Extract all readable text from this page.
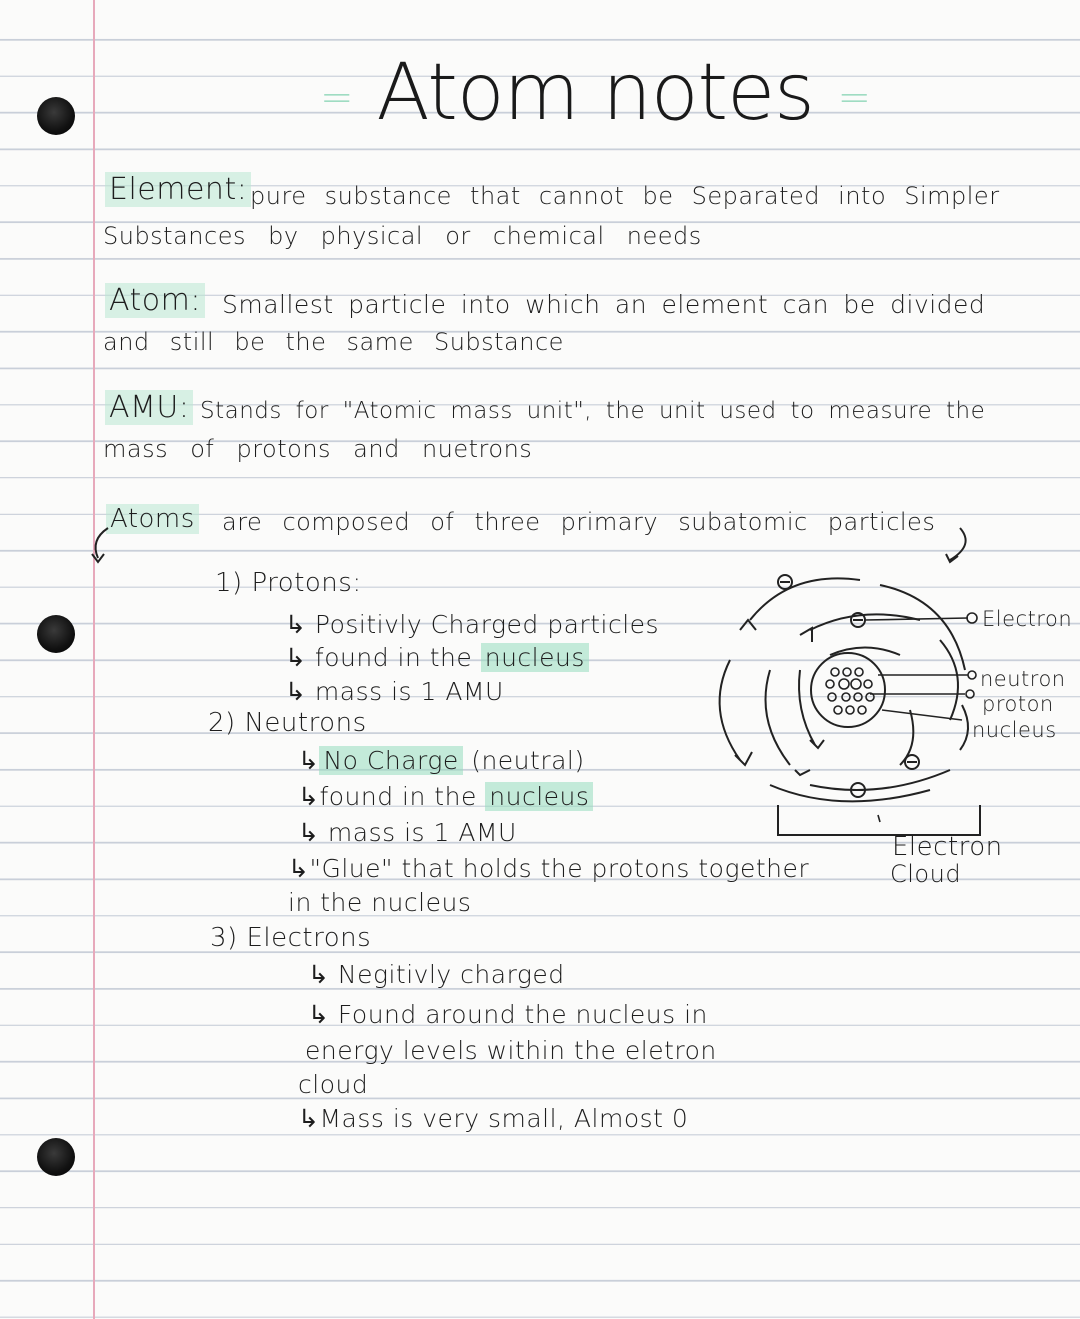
= Atom notes =
Element: pure substance that cannot be Separated into Simpler
Substances by physical or chemical needs
Atom: Smallest particle into which an element can be divided
and still be the same Substance
AMU: Stands for "Atomic mass unit", the unit used to measure the
mass of protons and nuetrons
Atoms are composed of three primary subatomic particles
1) Protons:
↳ Positivly Charged particles
↳ found in the nucleus
↳ mass is 1 AMU
2) Neutrons
↳ No Charge (neutral)
↳found in the nucleus
↳ mass is 1 AMU
↳"Glue" that holds the protons together
in the nucleus
3) Electrons
↳ Negitivly charged
↳ Found around the nucleus in
energy levels within the eletron
cloud
↳Mass is very small, Almost 0
Electron
neutron
proton
nucleus
Electron
Cloud
